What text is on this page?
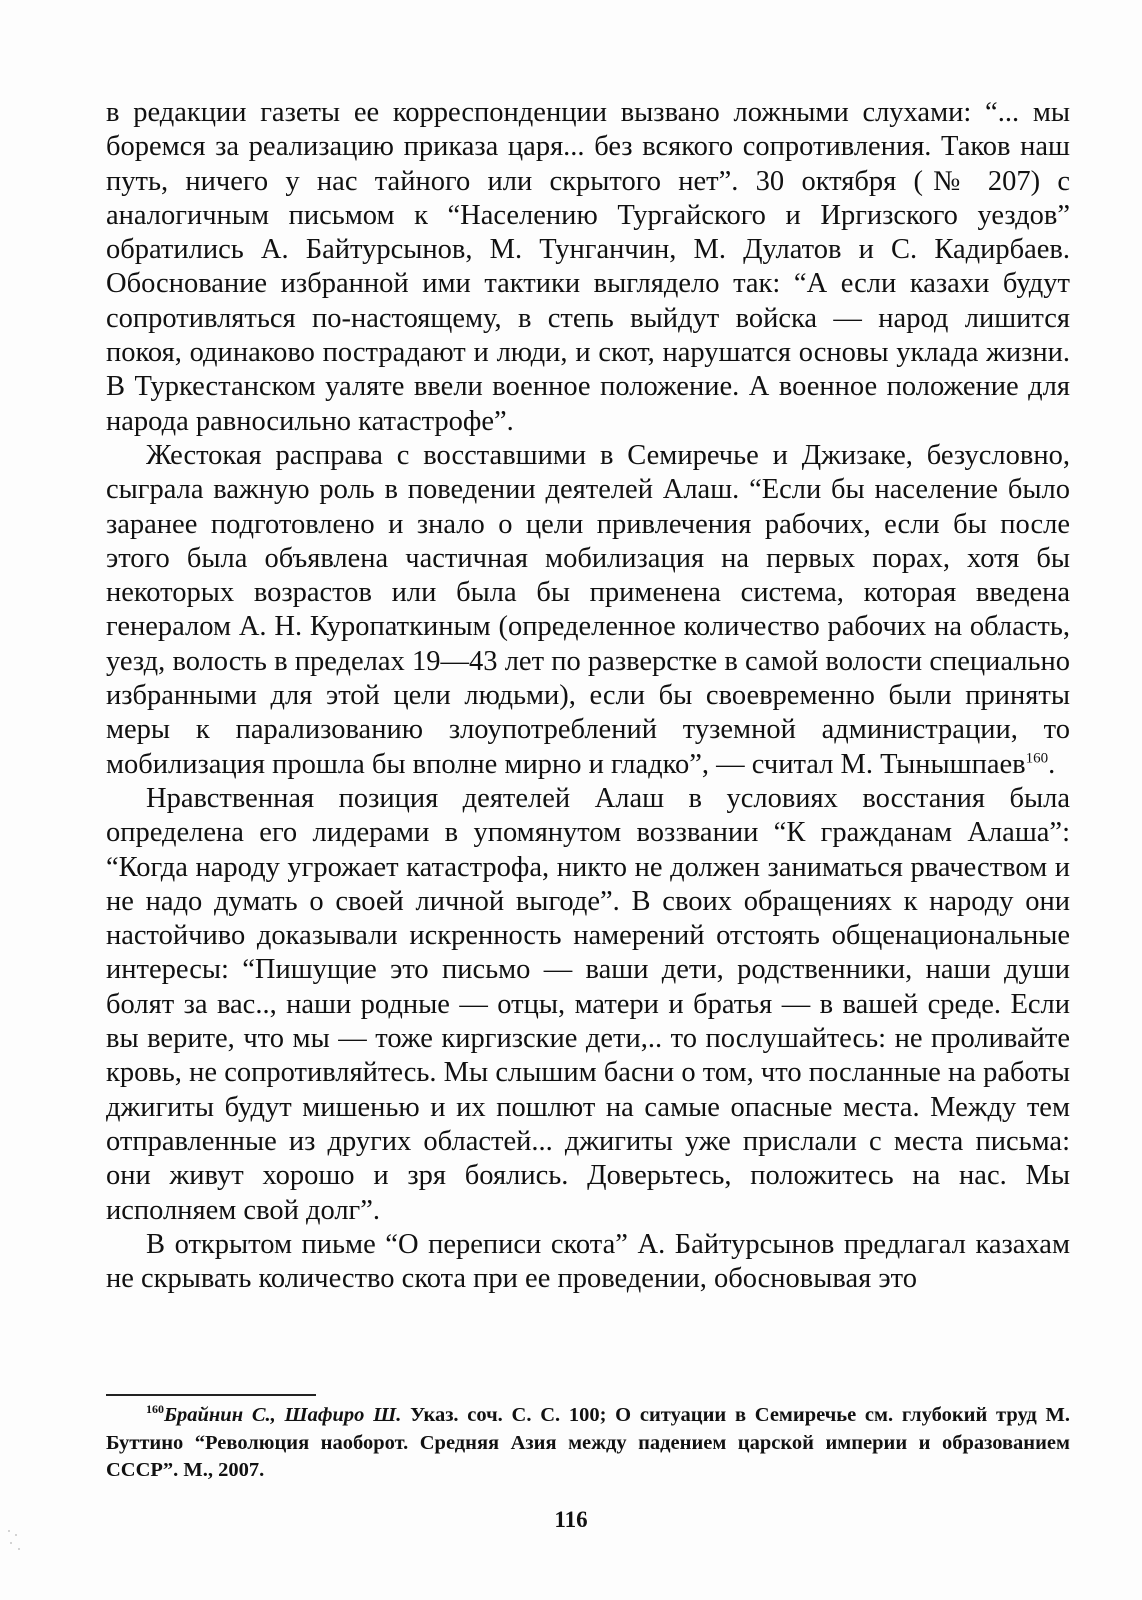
в редакции газеты ее корреспонденции вызвано ложными слухами: “... мы боремся за реализацию приказа царя... без всякого сопротивления. Таков наш путь, ничего у нас тайного или скрытого нет”. 30 октября (№ 207) с аналогичным письмом к “Населению Тургайского и Иргизского уездов” обратились А. Байтурсынов, М. Тунганчин, М. Дулатов и С. Кадирбаев. Обоснование избранной ими тактики выглядело так: “А если казахи будут сопротивляться по-настоящему, в степь выйдут войска — народ лишится покоя, одинаково пострадают и люди, и скот, нарушатся основы уклада жизни. В Туркестанском уаляте ввели военное положение. А военное положение для народа равносильно катастрофе”.

Жестокая расправа с восставшими в Семиречье и Джизаке, безусловно, сыграла важную роль в поведении деятелей Алаш. “Если бы население было заранее подготовлено и знало о цели привлечения рабочих, если бы после этого была объявлена частичная мобилизация на первых порах, хотя бы некоторых возрастов или была бы применена система, которая введена генералом А. Н. Куропаткиным (определенное количество рабочих на область, уезд, волость в пределах 19—43 лет по разверстке в самой волости специально избранными для этой цели людьми), если бы своевременно были приняты меры к парализованию злоупотреблений туземной администрации, то мобилизация прошла бы вполне мирно и гладко”, — считал М. Тынышпаев$^{160}$.

Нравственная позиция деятелей Алаш в условиях восстания была определена его лидерами в упомянутом воззвании “К гражданам Алаша”: “Когда народу угрожает катастрофа, никто не должен заниматься рвачеством и не надо думать о своей личной выгоде”. В своих обращениях к народу они настойчиво доказывали искренность намерений отстоять общенациональные интересы: “Пишущие это письмо — ваши дети, родственники, наши души болят за вас.., наши родные — отцы, матери и братья — в вашей среде. Если вы верите, что мы — тоже киргизские дети,.. то послушайтесь: не проливайте кровь, не сопротивляйтесь. Мы слышим басни о том, что посланные на работы джигиты будут мишенью и их пошлют на самые опасные места. Между тем отправленные из других областей... джигиты уже прислали с места письма: они живут хорошо и зря боялись. Доверьтесь, положитесь на нас. Мы исполняем свой долг”.

В открытом пиьме “О переписи скота” А. Байтурсынов предлагал казахам не скрывать количество скота при ее проведении, обосновывая это

$^{160}$Брайнин С., Шафиро Ш. Указ. соч. С. С. 100; О ситуации в Семиречье см. глубокий труд М. Буттино “Революция наоборот. Средняя Азия между падением царской империи и образованием СССР”. М., 2007.
116
